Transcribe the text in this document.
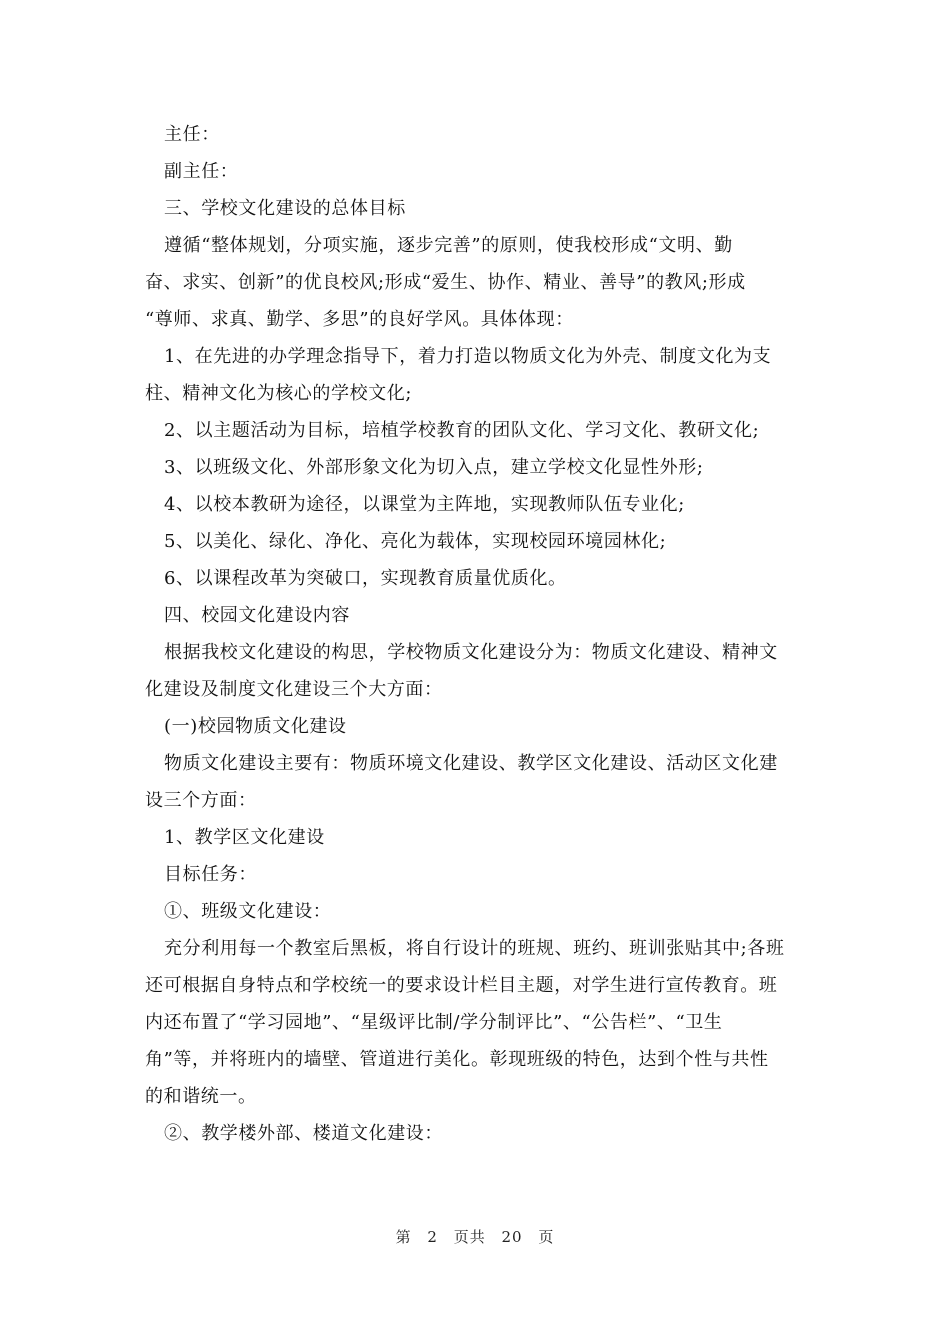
主任：
副主任：
三、学校文化建设的总体目标
遵循“整体规划，分项实施，逐步完善”的原则，使我校形成“文明、勤
奋、求实、创新”的优良校风;形成“爱生、协作、精业、善导”的教风;形成
“尊师、求真、勤学、多思”的良好学风。具体体现：
1、在先进的办学理念指导下，着力打造以物质文化为外壳、制度文化为支
柱、精神文化为核心的学校文化;
2、以主题活动为目标，培植学校教育的团队文化、学习文化、教研文化;
3、以班级文化、外部形象文化为切入点，建立学校文化显性外形;
4、以校本教研为途径，以课堂为主阵地，实现教师队伍专业化;
5、以美化、绿化、净化、亮化为载体，实现校园环境园林化;
6、以课程改革为突破口，实现教育质量优质化。
四、校园文化建设内容
根据我校文化建设的构思，学校物质文化建设分为：物质文化建设、精神文
化建设及制度文化建设三个大方面：
(一)校园物质文化建设
物质文化建设主要有：物质环境文化建设、教学区文化建设、活动区文化建
设三个方面：
1、教学区文化建设
目标任务：
①、班级文化建设：
充分利用每一个教室后黑板，将自行设计的班规、班约、班训张贴其中;各班
还可根据自身特点和学校统一的要求设计栏目主题，对学生进行宣传教育。班
内还布置了“学习园地”、“星级评比制/学分制评比”、“公告栏”、“卫生
角”等，并将班内的墙壁、管道进行美化。彰现班级的特色，达到个性与共性
的和谐统一。
②、教学楼外部、楼道文化建设：
第 2 页共 20 页
